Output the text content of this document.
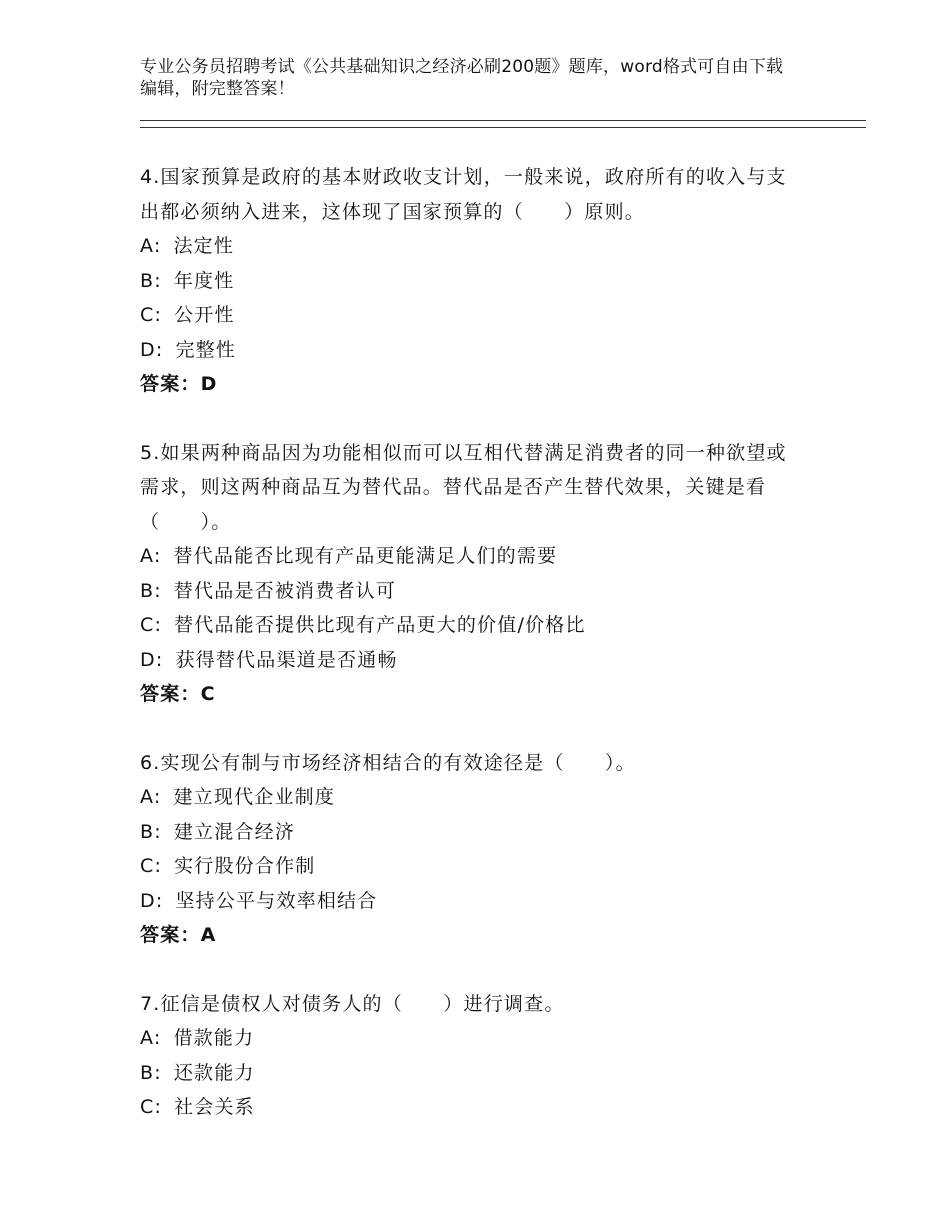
专业公务员招聘考试《公共基础知识之经济必刷200题》题库，word格式可自由下载编辑，附完整答案！

4.国家预算是政府的基本财政收支计划，一般来说，政府所有的收入与支出都必须纳入进来，这体现了国家预算的（　　）原则。

A: 法定性
B: 年度性
C: 公开性
D: 完整性

答案：D

5.如果两种商品因为功能相似而可以互相代替满足消费者的同一种欲望或需求，则这两种商品互为替代品。替代品是否产生替代效果，关键是看（　　）。

A: 替代品能否比现有产品更能满足人们的需要
B: 替代品是否被消费者认可
C: 替代品能否提供比现有产品更大的价值/价格比
D: 获得替代品渠道是否通畅

答案：C

6.实现公有制与市场经济相结合的有效途径是（　　）。

A: 建立现代企业制度
B: 建立混合经济
C: 实行股份合作制
D: 坚持公平与效率相结合

答案：A

7.征信是债权人对债务人的（　　）进行调查。

A: 借款能力
B: 还款能力
C: 社会关系
